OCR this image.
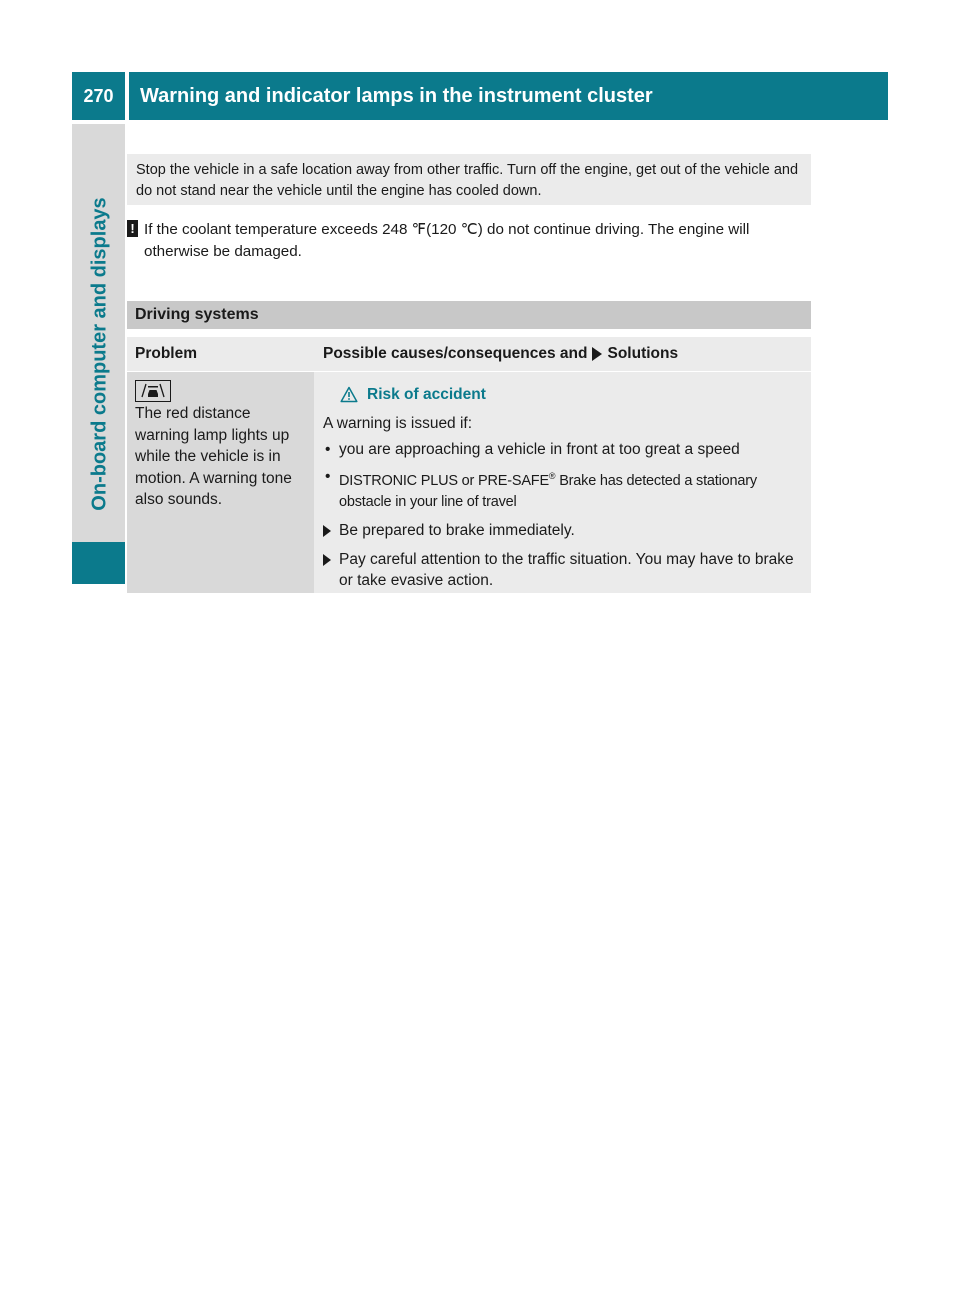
270	Warning and indicator lamps in the instrument cluster
On-board computer and displays
Stop the vehicle in a safe location away from other traffic. Turn off the engine, get out of the vehicle and do not stand near the vehicle until the engine has cooled down.
! If the coolant temperature exceeds 248 ℉(120 ℃) do not continue driving. The engine will
otherwise be damaged.
Driving systems
Problem	Possible causes/consequences and Solutions
The red distance warning lamp lights up while the vehicle is in motion. A warning tone also sounds.
Risk of accident
A warning is issued if:
• you are approaching a vehicle in front at too great a speed
• DISTRONIC PLUS or PRE-SAFE® Brake has detected a stationary obstacle in your line of travel
Be prepared to brake immediately.
Pay careful attention to the traffic situation. You may have to brake or take evasive action.
